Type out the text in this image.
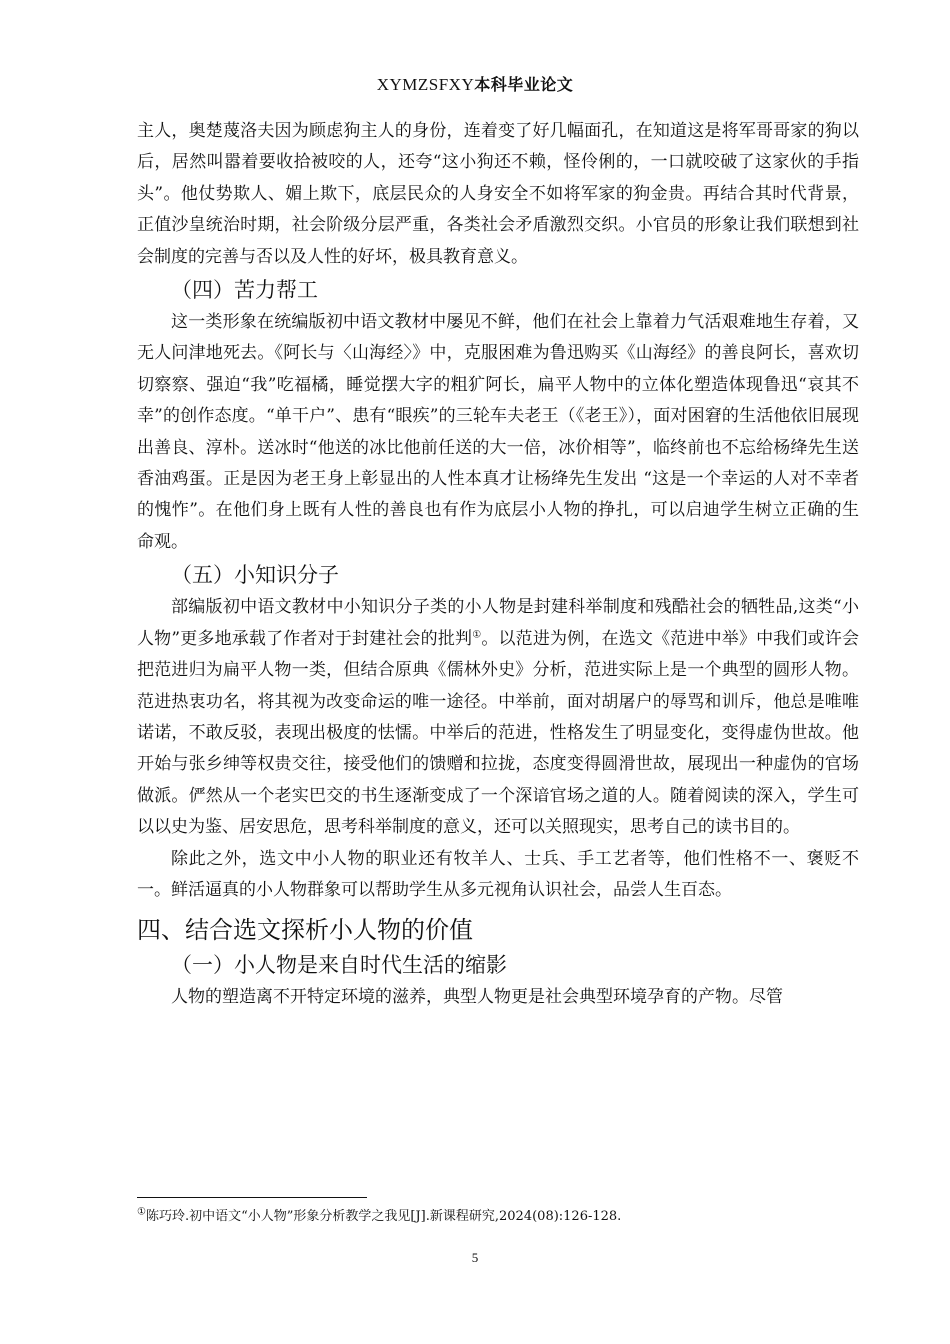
XYMZSFXY本科毕业论文

主人，奥楚蔑洛夫因为顾虑狗主人的身份，连着变了好几幅面孔，在知道这是将军哥哥家的狗以后，居然叫嚣着要收拾被咬的人，还夸“这小狗还不赖，怪伶俐的，一口就咬破了这家伙的手指头”。他仗势欺人、媚上欺下，底层民众的人身安全不如将军家的狗金贵。再结合其时代背景，正值沙皇统治时期，社会阶级分层严重，各类社会矛盾激烈交织。小官员的形象让我们联想到社会制度的完善与否以及人性的好坏，极具教育意义。

（四）苦力帮工

这一类形象在统编版初中语文教材中屡见不鲜，他们在社会上靠着力气活艰难地生存着，又无人问津地死去。《阿长与〈山海经〉》中，克服困难为鲁迅购买《山海经》的善良阿长，喜欢切切察察、强迫“我”吃福橘，睡觉摆大字的粗犷阿长，扁平人物中的立体化塑造体现鲁迅“哀其不幸”的创作态度。“单干户”、患有“眼疾”的三轮车夫老王（《老王》），面对困窘的生活他依旧展现出善良、淳朴。送冰时“他送的冰比他前任送的大一倍，冰价相等”，临终前也不忘给杨绛先生送香油鸡蛋。正是因为老王身上彰显出的人性本真才让杨绛先生发出 “这是一个幸运的人对不幸者的愧怍”。在他们身上既有人性的善良也有作为底层小人物的挣扎，可以启迪学生树立正确的生命观。

（五）小知识分子

部编版初中语文教材中小知识分子类的小人物是封建科举制度和残酷社会的牺牲品,这类“小人物”更多地承载了作者对于封建社会的批判①。以范进为例，在选文《范进中举》中我们或许会把范进归为扁平人物一类，但结合原典《儒林外史》分析，范进实际上是一个典型的圆形人物。范进热衷功名，将其视为改变命运的唯一途径。中举前，面对胡屠户的辱骂和训斥，他总是唯唯诺诺，不敢反驳，表现出极度的怯懦。中举后的范进，性格发生了明显变化，变得虚伪世故。他开始与张乡绅等权贵交往，接受他们的馈赠和拉拢，态度变得圆滑世故，展现出一种虚伪的官场做派。俨然从一个老实巴交的书生逐渐变成了一个深谙官场之道的人。随着阅读的深入，学生可以以史为鉴、居安思危，思考科举制度的意义，还可以关照现实，思考自己的读书目的。

除此之外，选文中小人物的职业还有牧羊人、士兵、手工艺者等，他们性格不一、褒贬不一。鲜活逼真的小人物群象可以帮助学生从多元视角认识社会，品尝人生百态。

四、结合选文探析小人物的价值
（一）小人物是来自时代生活的缩影

人物的塑造离不开特定环境的滋养，典型人物更是社会典型环境孕育的产物。尽管

①陈巧玲.初中语文“小人物”形象分析教学之我见[J].新课程研究,2024(08):126-128.
5
